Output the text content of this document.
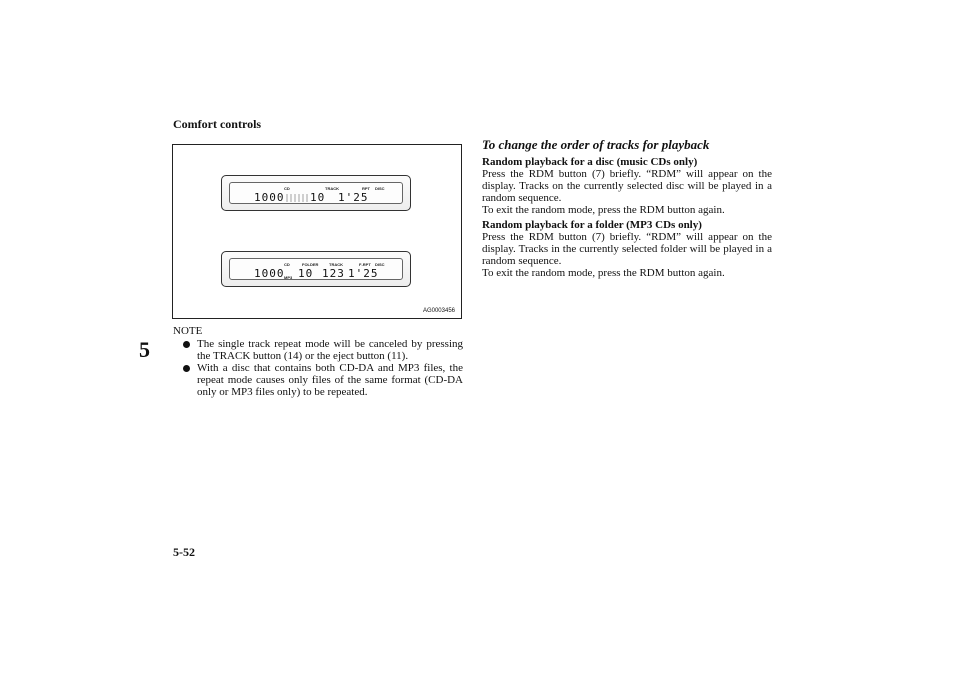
Comfort controls
5
5-52
CD	TRACK	RPT DISC
1000 10 1'25
CD	FOLDER	TRACK	F-RPT DISC
MP3
1000 10 123 1'25
AG0003456
NOTE

The single track repeat mode will be canceled by pressing the TRACK button (14) or the eject button (11).

With a disc that contains both CD-DA and MP3 files, the repeat mode causes only files of the same format (CD-DA only or MP3 files only) to be repeated.

To change the order of tracks for playback

Random playback for a disc (music CDs only)

Press the RDM button (7) briefly. “RDM” will appear on the display. Tracks on the currently selected disc will be played in a random sequence.
To exit the random mode, press the RDM button again.

Random playback for a folder (MP3 CDs only)

Press the RDM button (7) briefly. “RDM” will appear on the display. Tracks in the currently selected folder will be played in a random sequence.
To exit the random mode, press the RDM button again.
